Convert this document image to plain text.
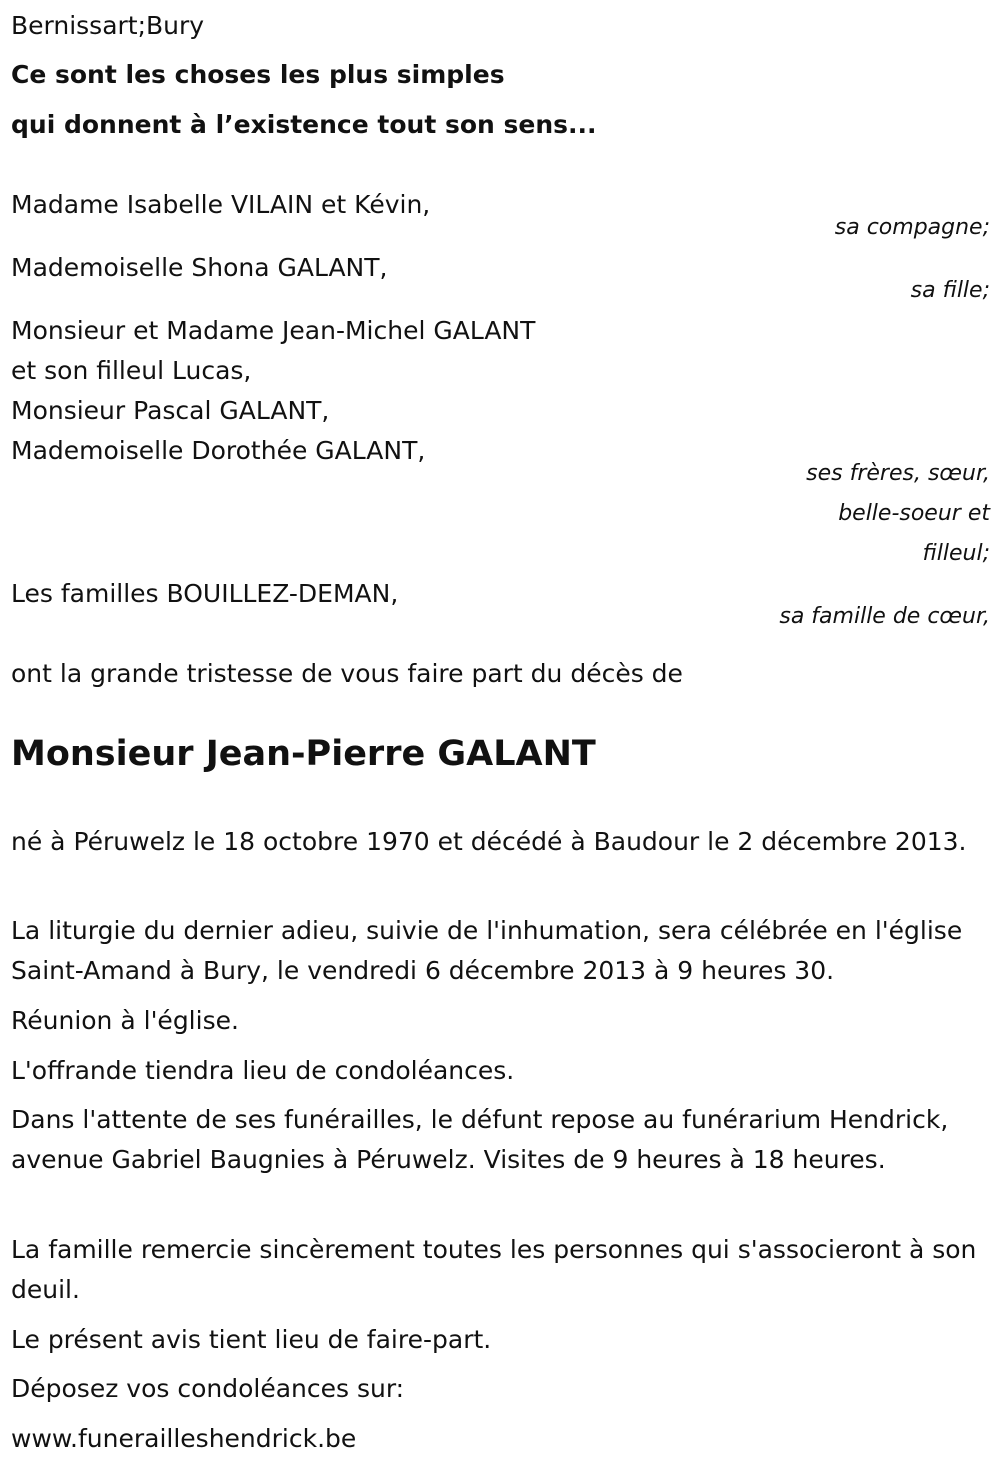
Bernissart;Bury
Ce sont les choses les plus simples
qui donnent à l’existence tout son sens...
Madame Isabelle VILAIN et Kévin,
sa compagne;
Mademoiselle Shona GALANT,
sa fille;
Monsieur et Madame Jean-Michel GALANT
et son filleul Lucas,
Monsieur Pascal GALANT,
Mademoiselle Dorothée GALANT,
ses frères, sœur,
belle-soeur et
filleul;
Les familles BOUILLEZ-DEMAN,
sa famille de cœur,
ont la grande tristesse de vous faire part du décès de
Monsieur Jean-Pierre GALANT

né à Péruwelz le 18 octobre 1970 et décédé à Baudour le 2 décembre 2013.

La liturgie du dernier adieu, suivie de l'inhumation, sera célébrée en l'église Saint-Amand à Bury, le vendredi 6 décembre 2013 à 9 heures 30.

Réunion à l'église.

L'offrande tiendra lieu de condoléances.

Dans l'attente de ses funérailles, le défunt repose au funérarium Hendrick, avenue Gabriel Baugnies à Péruwelz. Visites de 9 heures à 18 heures.

La famille remercie sincèrement toutes les personnes qui s'associeront à son deuil.

Le présent avis tient lieu de faire-part.

Déposez vos condoléances sur:

www.funerailleshendrick.be
